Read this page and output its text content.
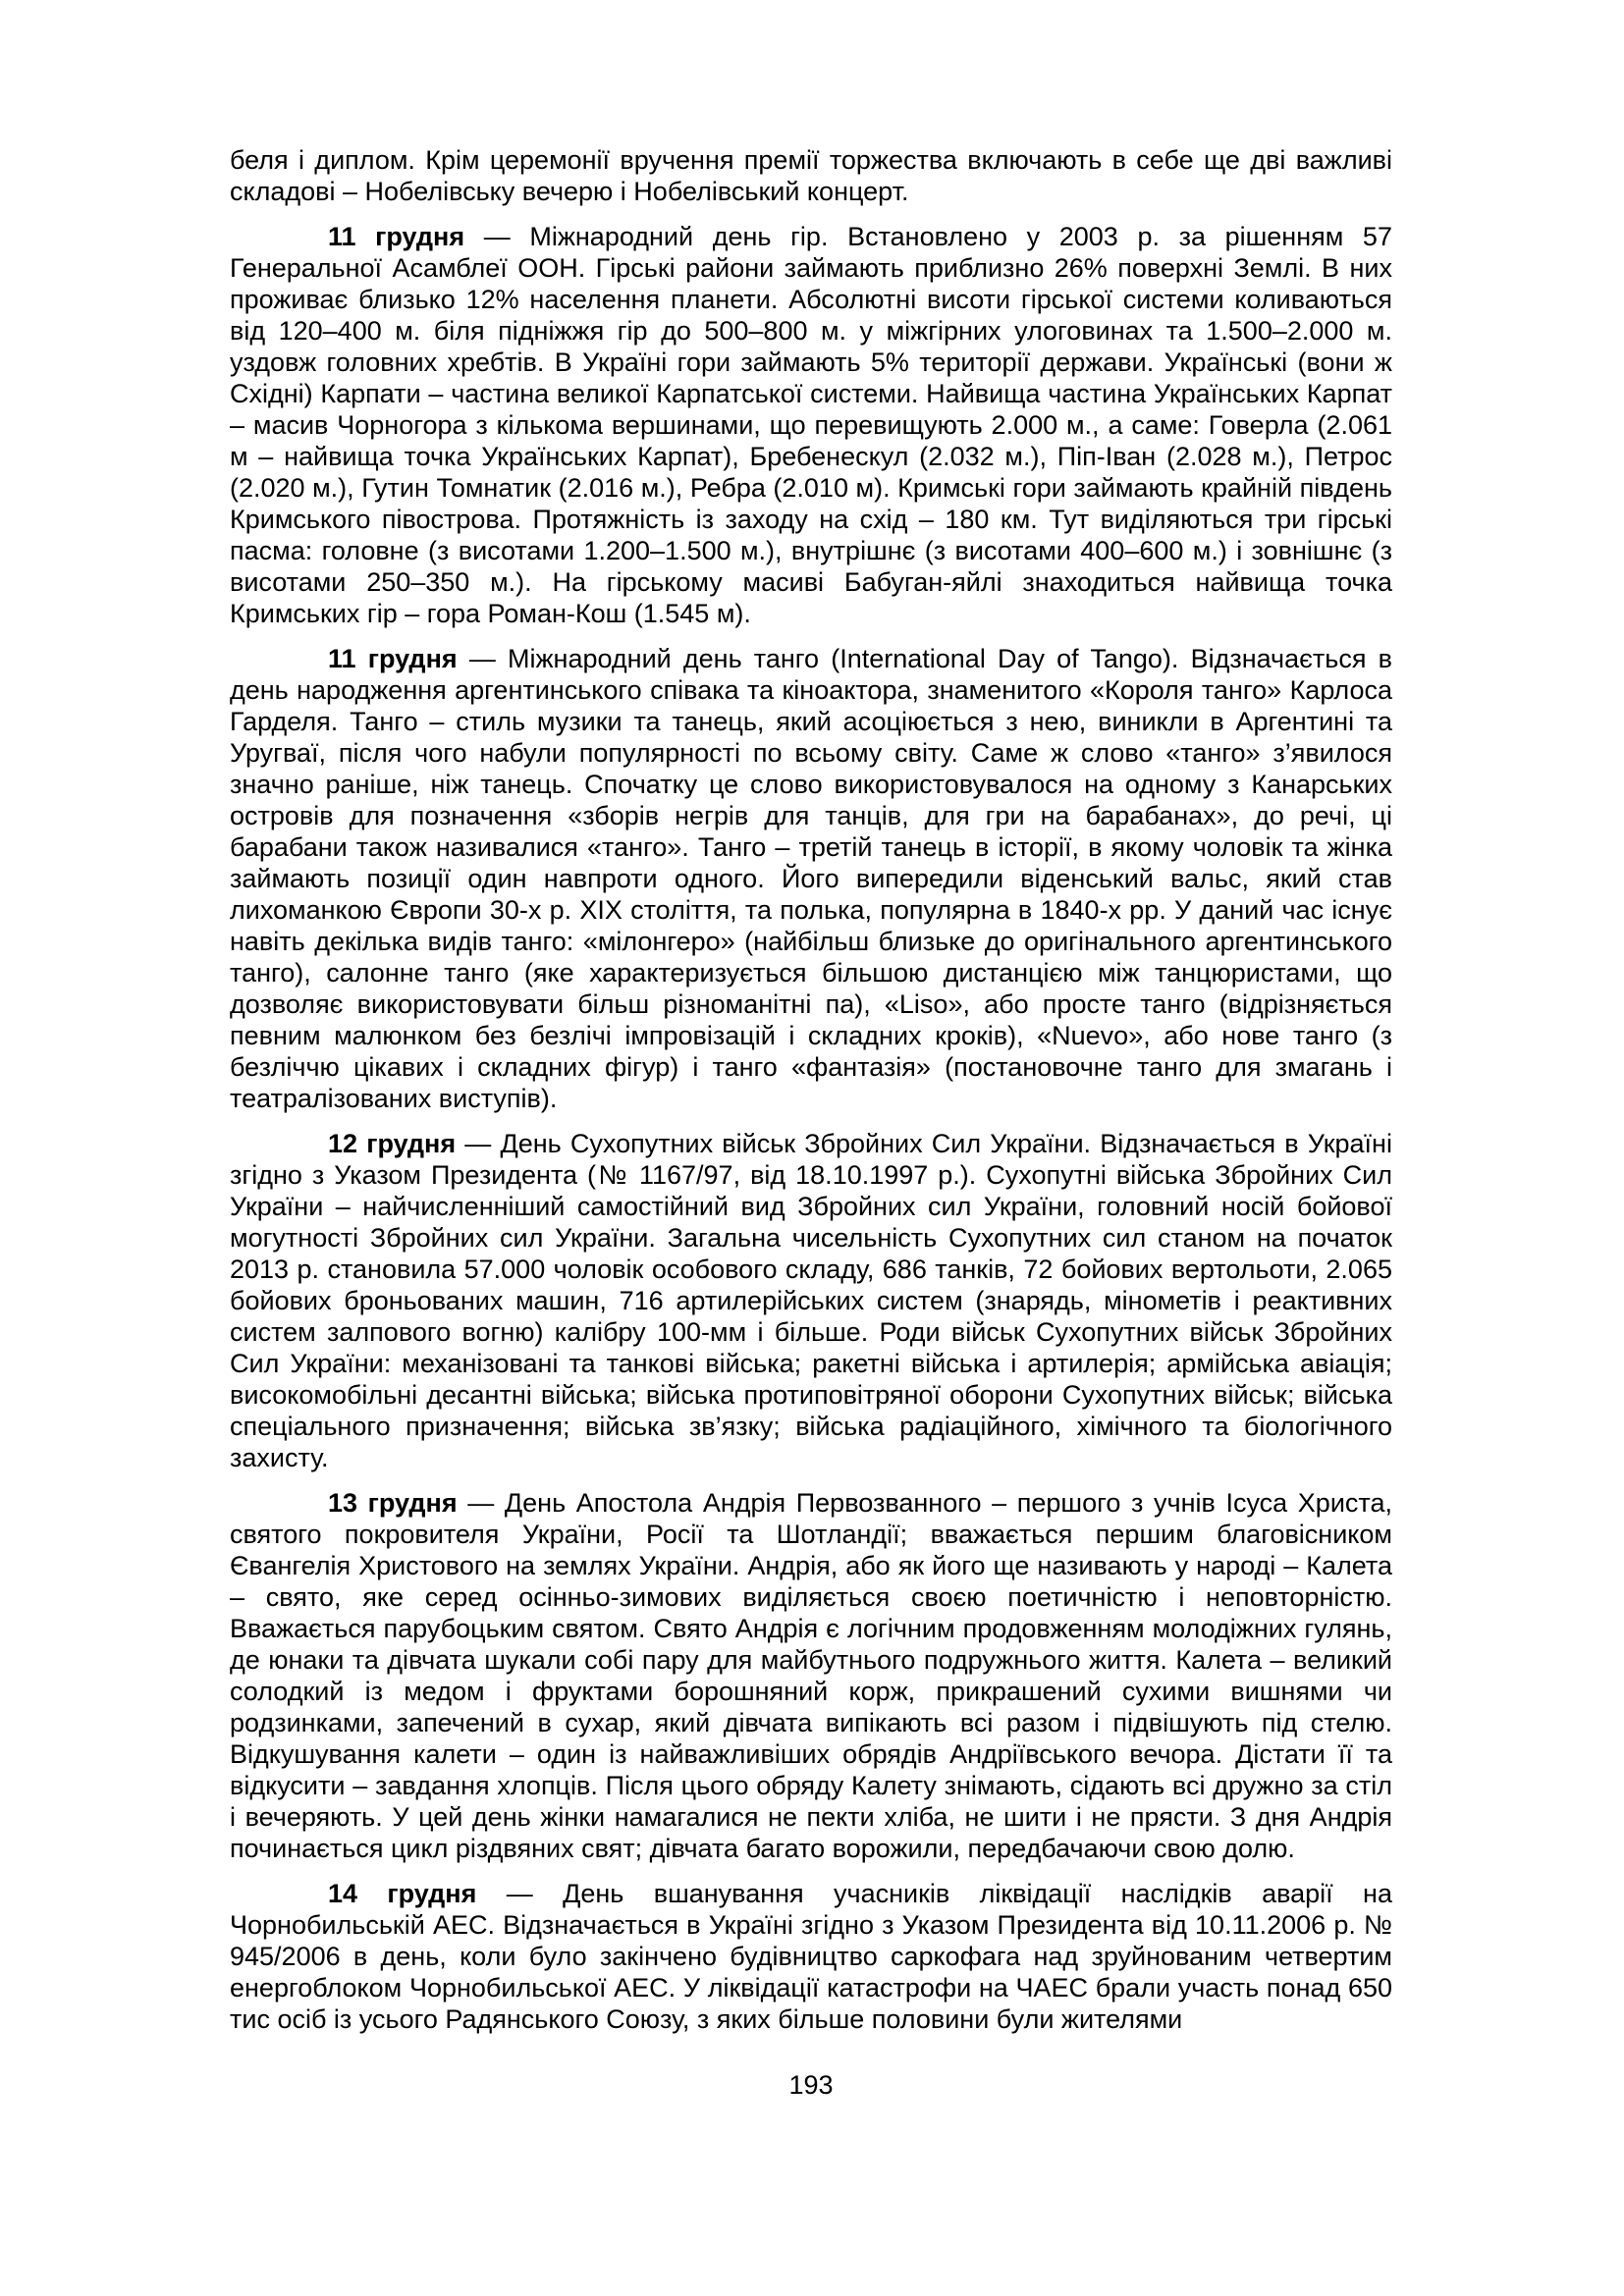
беля і диплом. Крім церемонії вручення премії торжества включають в себе ще дві важливі складові – Нобелівську вечерю і Нобелівський концерт.

11 грудня — Міжнародний день гір. Встановлено у 2003 р. за рішенням 57 Генеральної Асамблеї ООН. Гірські райони займають приблизно 26% поверхні Землі. В них проживає близько 12% населення планети. Абсолютні висоти гірської системи коливаються від 120–400 м. біля підніжжя гір до 500–800 м. у міжгірних улоговинах та 1.500–2.000 м. уздовж головних хребтів. В Україні гори займають 5% території держави. Українські (вони ж Східні) Карпати – частина великої Карпатської системи. Найвища частина Українських Карпат – масив Чорногора з кількома вершинами, що перевищують 2.000 м., а саме: Говерла (2.061 м – найвища точка Українських Карпат), Бребенескул (2.032 м.), Піп-Іван (2.028 м.), Петрос (2.020 м.), Гутин Томнатик (2.016 м.), Ребра (2.010 м). Кримські гори займають крайній південь Кримського півострова. Протяжність із заходу на схід – 180 км. Тут виділяються три гірські пасма: головне (з висотами 1.200–1.500 м.), внутрішнє (з висотами 400–600 м.) і зовнішнє (з висотами 250–350 м.). На гірському масиві Бабуган-яйлі знаходиться найвища точка Кримських гір – гора Роман-Кош (1.545 м).

11 грудня — Міжнародний день танго (International Day of Tango). Відзначається в день народження аргентинського співака та кіноактора, знаменитого «Короля танго» Карлоса Гарделя. Танго – стиль музики та танець, який асоціюється з нею, виникли в Аргентині та Уругваї, після чого набули популярності по всьому світу. Саме ж слово «танго» з’явилося значно раніше, ніж танець. Спочатку це слово використовувалося на одному з Канарських островів для позначення «зборів негрів для танців, для гри на барабанах», до речі, ці барабани також називалися «танго». Танго – третій танець в історії, в якому чоловік та жінка займають позиції один навпроти одного. Його випередили віденський вальс, який став лихоманкою Європи 30-х р. XIX століття, та полька, популярна в 1840-х рр. У даний час існує навіть декілька видів танго: «мілонгеро» (найбільш близьке до оригінального аргентинського танго), салонне танго (яке характеризується більшою дистанцією між танцюристами, що дозволяє використовувати більш різноманітні па), «Liso», або просте танго (відрізняється певним малюнком без безлічі імпровізацій і складних кроків), «Nuevo», або нове танго (з безліччю цікавих і складних фігур) і танго «фантазія» (постановочне танго для змагань і театралізованих виступів).

12 грудня — День Сухопутних військ Збройних Сил України. Відзначається в Україні згідно з Указом Президента (№ 1167/97, від 18.10.1997 р.). Сухопутні війська Збройних Сил України – найчисленніший самостійний вид Збройних сил України, головний носій бойової могутності Збройних сил України. Загальна чисельність Сухопутних сил станом на початок 2013 р. становила 57.000 чоловік особового складу, 686 танків, 72 бойових вертольоти, 2.065 бойових броньованих машин, 716 артилерійських систем (знарядь, мінометів і реактивних систем залпового вогню) калібру 100-мм і більше. Роди військ Сухопутних військ Збройних Сил України: механізовані та танкові війська; ракетні війська і артилерія; армійська авіація; високомобільні десантні війська; війська протиповітряної оборони Сухопутних військ; війська спеціального призначення; війська зв’язку; війська радіаційного, хімічного та біологічного захисту.

13 грудня — День Апостола Андрія Первозванного – першого з учнів Ісуса Христа, святого покровителя України, Росії та Шотландії; вважається першим благовісником Євангелія Христового на землях України. Андрія, або як його ще називають у народі – Калета – свято, яке серед осінньо-зимових виділяється своєю поетичністю і неповторністю. Вважається парубоцьким святом. Свято Андрія є логічним продовженням молодіжних гулянь, де юнаки та дівчата шукали собі пару для майбутнього подружнього життя. Калета – великий солодкий із медом і фруктами борошняний корж, прикрашений сухими вишнями чи родзинками, запечений в сухар, який дівчата випікають всі разом і підвішують під стелю. Відкушування калети – один із найважливіших обрядів Андріївського вечора. Дістати її та відкусити – завдання хлопців. Після цього обряду Калету знімають, сідають всі дружно за стіл і вечеряють. У цей день жінки намагалися не пекти хліба, не шити і не прясти. З дня Андрія починається цикл різдвяних свят; дівчата багато ворожили, передбачаючи свою долю.

14 грудня — День вшанування учасників ліквідації наслідків аварії на Чорнобильській АЕС. Відзначається в Україні згідно з Указом Президента від 10.11.2006 р. № 945/2006 в день, коли було закінчено будівництво саркофага над зруйнованим четвертим енергоблоком Чорнобильської АЕС. У ліквідації катастрофи на ЧАЕС брали участь понад 650 тис осіб із усього Радянського Союзу, з яких більше половини були жителями

193
